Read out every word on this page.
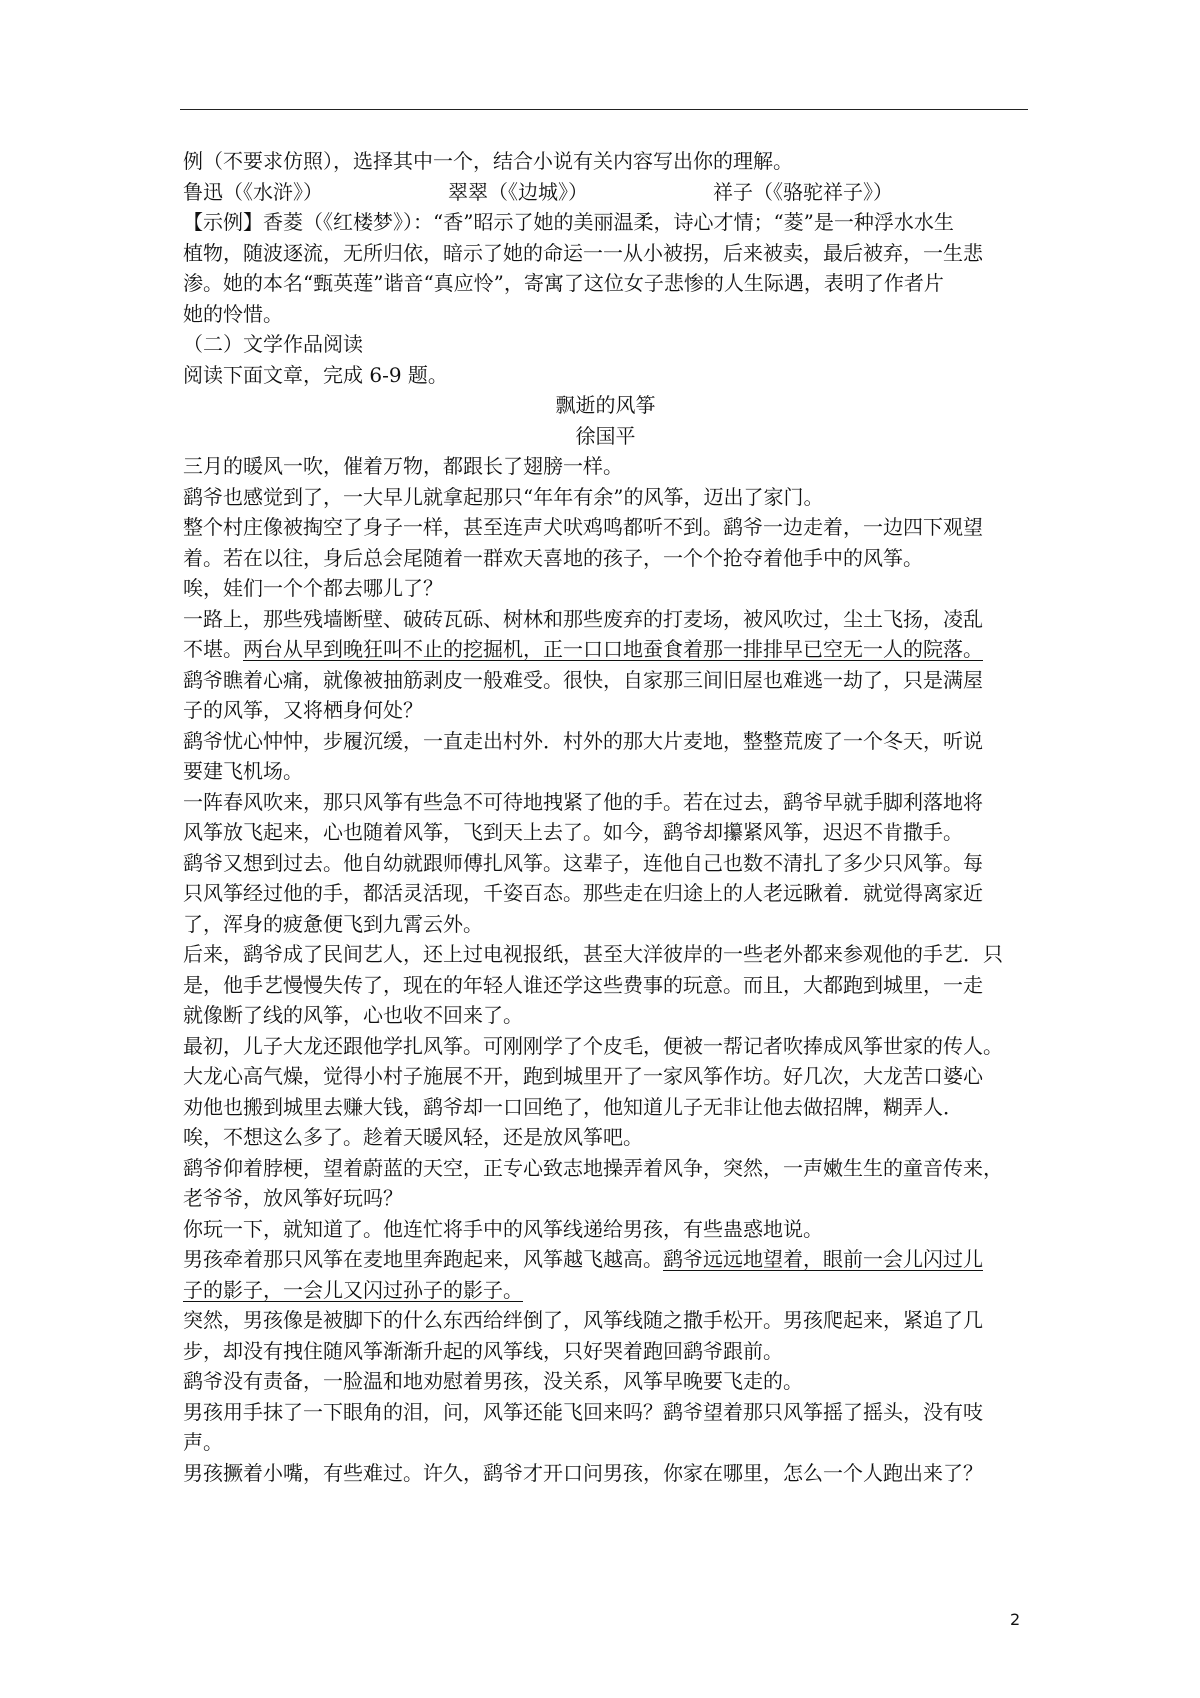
例（不要求仿照），选择其中一个，结合小说有关内容写出你的理解。
鲁迅（《水浒》）	翠翠（《边城》）	祥子（《骆驼祥子》）
【示例】香菱（《红楼梦》）：“香”昭示了她的美丽温柔，诗心才情；“菱”是一种浮水水生
植物，随波逐流，无所归依，暗示了她的命运一一从小被拐，后来被卖，最后被弃，一生悲
渗。她的本名“甄英莲”谐音“真应怜”，寄寓了这位女子悲惨的人生际遇，表明了作者片
她的怜惜。
（二）文学作品阅读
阅读下面文章，完成 6-9 题。
飘逝的风筝
徐国平
三月的暖风一吹，催着万物，都跟长了翅膀一样。
鹞爷也感觉到了，一大早儿就拿起那只“年年有余”的风筝，迈出了家门。
整个村庄像被掏空了身子一样，甚至连声犬吠鸡鸣都听不到。鹞爷一边走着，一边四下观望
着。若在以往，身后总会尾随着一群欢天喜地的孩子，一个个抢夺着他手中的风筝。
唉，娃们一个个都去哪儿了？
一路上，那些残墙断壁、破砖瓦砾、树林和那些废弃的打麦场，被风吹过，尘土飞扬，凌乱
不堪。两台从早到晚狂叫不止的挖掘机，正一口口地蚕食着那一排排早已空无一人的院落。
鹞爷瞧着心痛，就像被抽筋剥皮一般难受。很快，自家那三间旧屋也难逃一劫了，只是满屋
子的风筝，又将栖身何处？
鹞爷忧心忡忡，步履沉缓，一直走出村外．村外的那大片麦地，整整荒废了一个冬天，听说
要建飞机场。
一阵春风吹来，那只风筝有些急不可待地拽紧了他的手。若在过去，鹞爷早就手脚利落地将
风筝放飞起来，心也随着风筝，飞到天上去了。如今，鹞爷却攥紧风筝，迟迟不肯撒手。
鹞爷又想到过去。他自幼就跟师傅扎风筝。这辈子，连他自己也数不清扎了多少只风筝。每
只风筝经过他的手，都活灵活现，千姿百态。那些走在归途上的人老远瞅着．就觉得离家近
了，浑身的疲惫便飞到九霄云外。
后来，鹞爷成了民间艺人，还上过电视报纸，甚至大洋彼岸的一些老外都来参观他的手艺．只
是，他手艺慢慢失传了，现在的年轻人谁还学这些费事的玩意。而且，大都跑到城里，一走
就像断了线的风筝，心也收不回来了。
最初，儿子大龙还跟他学扎风筝。可刚刚学了个皮毛，便被一帮记者吹捧成风筝世家的传人。
大龙心高气燥，觉得小村子施展不开，跑到城里开了一家风筝作坊。好几次，大龙苦口婆心
劝他也搬到城里去赚大钱，鹞爷却一口回绝了，他知道儿子无非让他去做招牌，糊弄人．
唉，不想这么多了。趁着天暖风轻，还是放风筝吧。
鹞爷仰着脖梗，望着蔚蓝的天空，正专心致志地操弄着风争，突然，一声嫩生生的童音传来，
老爷爷，放风筝好玩吗？
你玩一下，就知道了。他连忙将手中的风筝线递给男孩，有些蛊惑地说。
男孩牵着那只风筝在麦地里奔跑起来，风筝越飞越高。鹞爷远远地望着，眼前一会儿闪过儿
子的影子，一会儿又闪过孙子的影子。
突然，男孩像是被脚下的什么东西给绊倒了，风筝线随之撒手松开。男孩爬起来，紧追了几
步，却没有拽住随风筝渐渐升起的风筝线，只好哭着跑回鹞爷跟前。
鹞爷没有责备，一脸温和地劝慰着男孩，没关系，风筝早晚要飞走的。
男孩用手抹了一下眼角的泪，问，风筝还能飞回来吗？鹞爷望着那只风筝摇了摇头，没有吱
声。
男孩撅着小嘴，有些难过。许久，鹞爷才开口问男孩，你家在哪里，怎么一个人跑出来了？
2
